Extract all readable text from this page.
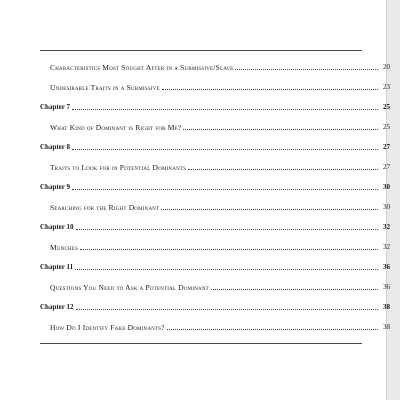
Characteristics Most Sought After in a Submissive/Slave	20
Undesirable Traits in a Submissive	23
Chapter 7	25
What Kind of Dominant is Right for Me?	25
Chapter 8	27
Traits to Look for in Potential Dominants	27
Chapter 9	30
Searching for the Right Dominant	30
Chapter 10	32
Munches	32
Chapter 11	36
Questions You Need to Ask a Potential Dominant	36
Chapter 12	38
How Do I Identify Fake Dominants?	38
